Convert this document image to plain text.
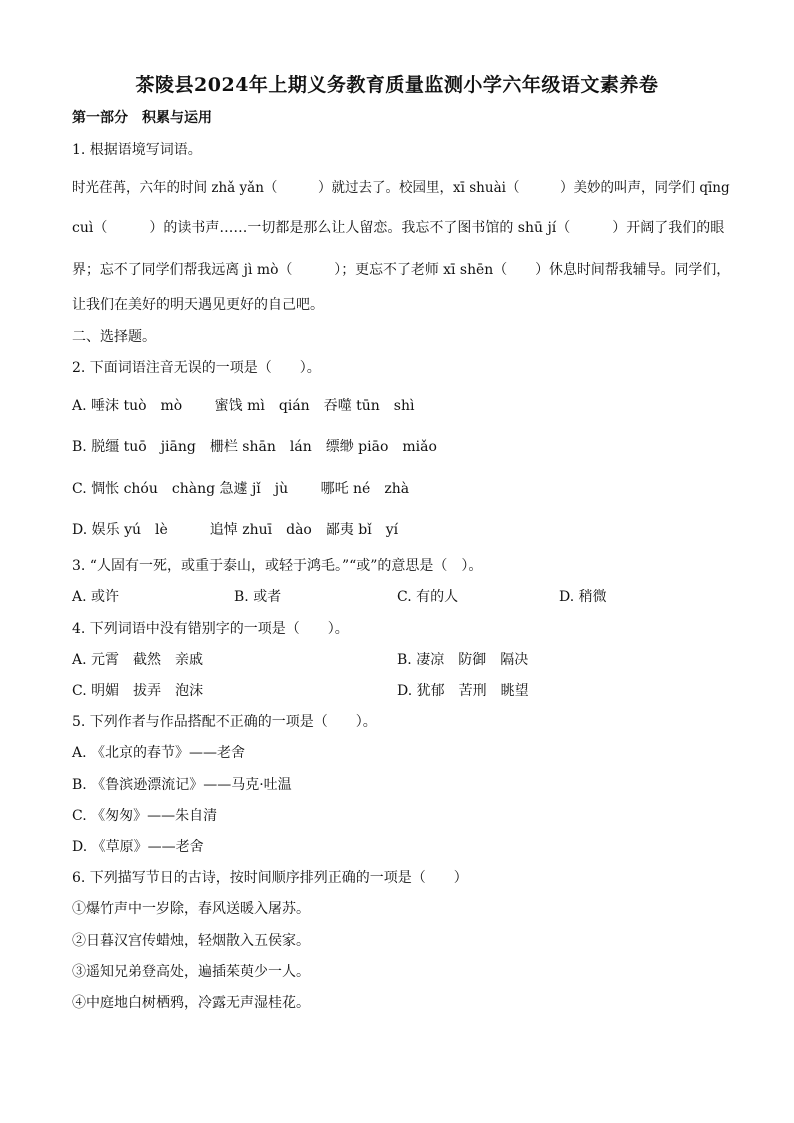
茶陵县2024年上期义务教育质量监测小学六年级语文素养卷
第一部分　积累与运用
1. 根据语境写词语。
时光荏苒，六年的时间 zhǎ yǎn（　　　）就过去了。校园里，xī shuài（　　　）美妙的叫声，同学们 qīng
cuì（　　　）的读书声……一切都是那么让人留恋。我忘不了图书馆的 shū jí（　　　）开阔了我们的眼
界；忘不了同学们帮我远离 jì mò（　　　）；更忘不了老师 xī shēn（　　）休息时间帮我辅导。同学们，
让我们在美好的明天遇见更好的自己吧。
二、选择题。
2. 下面词语注音无误的一项是（　　）。
A. 唾沫 tuò　mò　　 蜜饯 mì　qián　吞噬 tūn　shì
B. 脱缰 tuō　jiāng　栅栏 shān　lán　缥缈 piāo　miǎo
C. 惆怅 chóu　chàng 急遽 jǐ　jù　　 哪吒 né　zhà
D. 娱乐 yú　lè　　　追悼 zhuī　dào　鄙夷 bǐ　yí
3. “人固有一死，或重于泰山，或轻于鸿毛。”“或”的意思是（　）。
A. 或许	B. 或者	C. 有的人	D. 稍微
4. 下列词语中没有错别字的一项是（　　）。
A. 元霄　截然　亲戚	B. 凄凉　防御　隔决
C. 明媚　拔弄　泡沫	D. 犹郁　苦刑　眺望
5. 下列作者与作品搭配不正确的一项是（　　）。
A. 《北京的春节》——老舍
B. 《鲁滨逊漂流记》——马克·吐温
C. 《匆匆》——朱自清
D. 《草原》——老舍
6. 下列描写节日的古诗，按时间顺序排列正确的一项是（　　）
①爆竹声中一岁除，春风送暖入屠苏。
②日暮汉宫传蜡烛，轻烟散入五侯家。
③遥知兄弟登高处，遍插茱萸少一人。
④中庭地白树栖鸦，冷露无声湿桂花。
